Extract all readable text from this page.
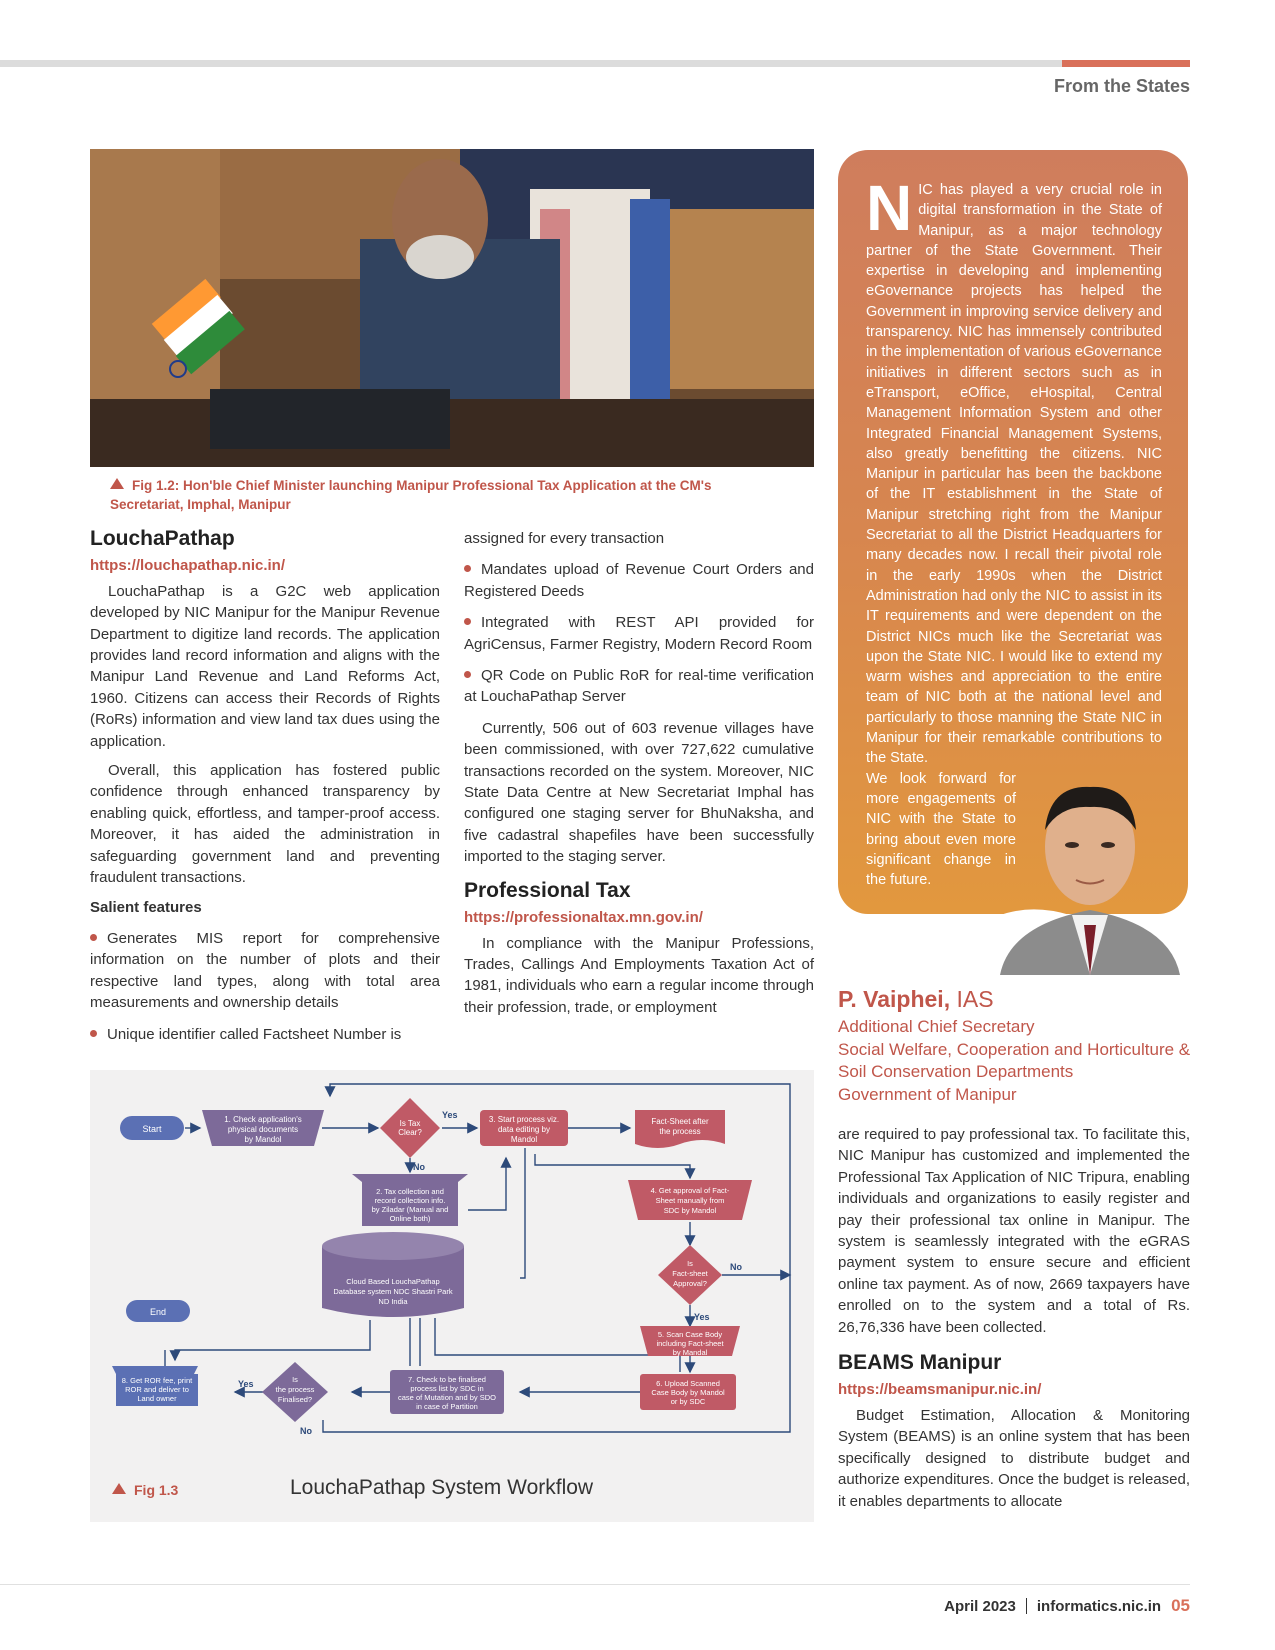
From the States
Fig 1.2: Hon'ble Chief Minister launching Manipur Professional Tax Application at the CM's Secretariat, Imphal, Manipur
LouchaPathap

https://louchapathap.nic.in/

LouchaPathap is a G2C web application developed by NIC Manipur for the Manipur Revenue Department to digitize land records. The application provides land record information and aligns with the Manipur Land Revenue and Land Reforms Act, 1960. Citizens can access their Records of Rights (RoRs) information and view land tax dues using the application.

Overall, this application has fostered public confidence through enhanced transparency by enabling quick, effortless, and tamper-proof access. Moreover, it has aided the administration in safeguarding government land and preventing fraudulent transactions.

Salient features
Generates MIS report for comprehensive information on the number of plots and their respective land types, along with total area measurements and ownership details
Unique identifier called Factsheet Number is

assigned for every transaction

Mandates upload of Revenue Court Orders and Registered Deeds
Integrated with REST API provided for AgriCensus, Farmer Registry, Modern Record Room
QR Code on Public RoR for real-time verification at LouchaPathap Server

Currently, 506 out of 603 revenue villages have been commissioned, with over 727,622 cumulative transactions recorded on the system. Moreover, NIC State Data Centre at New Secretariat Imphal has configured one staging server for BhuNaksha, and five cadastral shapefiles have been successfully imported to the staging server.

Professional Tax

https://professionaltax.mn.gov.in/

In compliance with the Manipur Professions, Trades, Callings And Employments Taxation Act of 1981, individuals who earn a regular income through their profession, trade, or employment

NIC has played a very crucial role in digital transformation in the State of Manipur, as a major technology partner of the State Government. Their expertise in developing and implementing eGovernance projects has helped the Government in improving service delivery and transparency. NIC has immensely contributed in the implementation of various eGovernance initiatives in different sectors such as in eTransport, eOffice, eHospital, Central Management Information System and other Integrated Financial Management Systems, also greatly benefitting the citizens. NIC Manipur in particular has been the backbone of the IT establishment in the State of Manipur stretching right from the Manipur Secretariat to all the District Headquarters for many decades now. I recall their pivotal role in the early 1990s when the District Administration had only the NIC to assist in its IT requirements and were dependent on the District NICs much like the Secretariat was upon the State NIC. I would like to extend my warm wishes and appreciation to the entire team of NIC both at the national level and particularly to those manning the State NIC in Manipur for their remarkable contributions to the State.
We look forward for more engagements of NIC with the State to bring about even more significant change in the future.
P. Vaiphei, IAS
Additional Chief Secretary
Social Welfare, Cooperation and Horticulture &
Soil Conservation Departments
Government of Manipur

are required to pay professional tax. To facilitate this, NIC Manipur has customized and implemented the Professional Tax Application of NIC Tripura, enabling individuals and organizations to easily register and pay their professional tax online in Manipur. The system is seamlessly integrated with the eGRAS payment system to ensure secure and efficient online tax payment. As of now, 2669 taxpayers have enrolled on to the system and a total of Rs. 26,76,336 have been collected.

BEAMS Manipur

https://beamsmanipur.nic.in/

Budget Estimation, Allocation & Monitoring System (BEAMS) is an online system that has been specifically designed to distribute budget and authorize expenditures. Once the budget is released, it enables departments to allocate

Start
1. Check application's
physical documents
by Mandol
Is Tax
Clear?
Yes
No
3. Start process viz.
data editing by
Mandol
Fact-Sheet after
the process
2. Tax collection and
record collection info.
by Ziladar (Manual and
Online both)
4. Get approval of Fact-
Sheet manually from
SDC by Mandol
Cloud Based LouchaPathap
Database system NDC Shastri Park
ND India
Is
Fact-sheet
Approval?
No
Yes
End
5. Scan Case Body
including Fact-sheet
by Mandal
8. Get ROR fee, print
ROR and deliver to
Land owner
Yes	Is
the process
Finalised?
No
7. Check to be finalised
process list by SDC in
case of Mutation and by SDO
in case of Partition
6. Upload Scanned
Case Body by Mandol
or by SDC
Fig 1.3	LouchaPathap System Workflow
April 2023 informatics.nic.in 05
